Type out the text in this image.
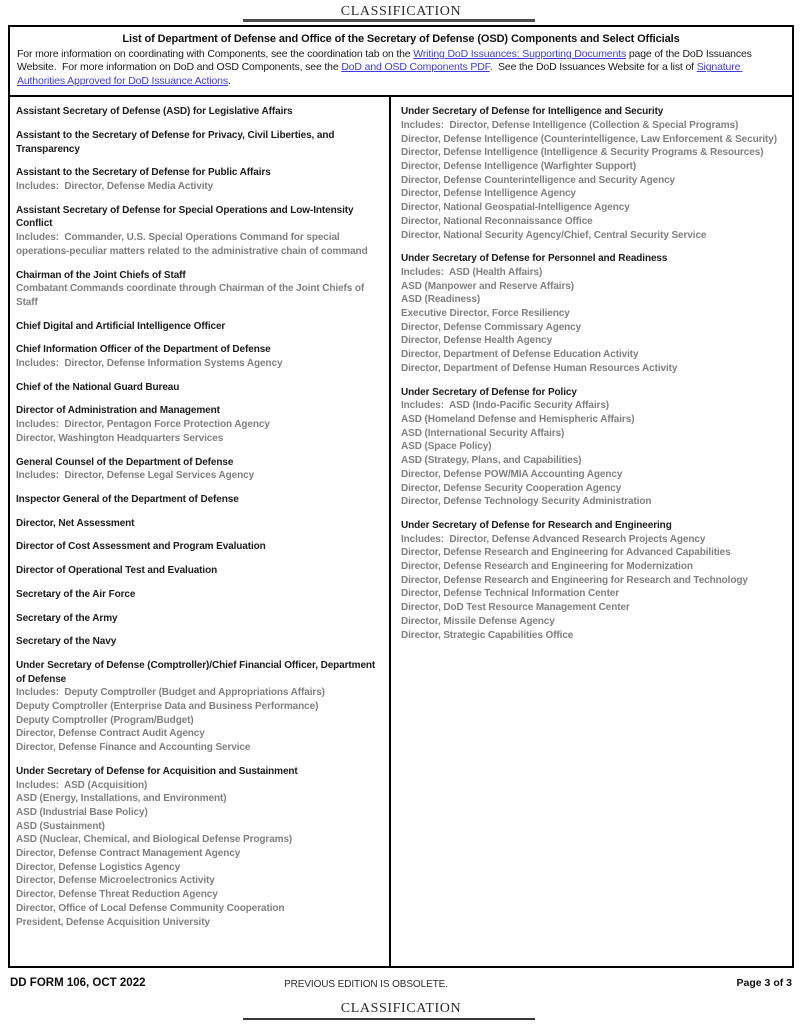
CLASSIFICATION
List of Department of Defense and Office of the Secretary of Defense (OSD) Components and Select Officials
For more information on coordinating with Components, see the coordination tab on the Writing DoD Issuances: Supporting Documents page of the DoD Issuances Website.  For more information on DoD and OSD Components, see the DoD and OSD Components PDF.  See the DoD Issuances Website for a list of Signature Authorities Approved for DoD Issuance Actions.
Assistant Secretary of Defense (ASD) for Legislative Affairs
Assistant to the Secretary of Defense for Privacy, Civil Liberties, and Transparency
Assistant to the Secretary of Defense for Public Affairs
Includes:  Director, Defense Media Activity
Assistant Secretary of Defense for Special Operations and Low-Intensity Conflict
Includes:  Commander, U.S. Special Operations Command for special operations-peculiar matters related to the administrative chain of command
Chairman of the Joint Chiefs of Staff
Combatant Commands coordinate through Chairman of the Joint Chiefs of Staff
Chief Digital and Artificial Intelligence Officer
Chief Information Officer of the Department of Defense
Includes:  Director, Defense Information Systems Agency
Chief of the National Guard Bureau
Director of Administration and Management
Includes:  Director, Pentagon Force Protection Agency
Director, Washington Headquarters Services
General Counsel of the Department of Defense
Includes:  Director, Defense Legal Services Agency
Inspector General of the Department of Defense
Director, Net Assessment
Director of Cost Assessment and Program Evaluation
Director of Operational Test and Evaluation
Secretary of the Air Force
Secretary of the Army
Secretary of the Navy
Under Secretary of Defense (Comptroller)/Chief Financial Officer, Department of Defense
Includes:  Deputy Comptroller (Budget and Appropriations Affairs)
Deputy Comptroller (Enterprise Data and Business Performance)
Deputy Comptroller (Program/Budget)
Director, Defense Contract Audit Agency
Director, Defense Finance and Accounting Service
Under Secretary of Defense for Acquisition and Sustainment
Includes:  ASD (Acquisition)
ASD (Energy, Installations, and Environment)
ASD (Industrial Base Policy)
ASD (Sustainment)
ASD (Nuclear, Chemical, and Biological Defense Programs)
Director, Defense Contract Management Agency
Director, Defense Logistics Agency
Director, Defense Microelectronics Activity
Director, Defense Threat Reduction Agency
Director, Office of Local Defense Community Cooperation
President, Defense Acquisition University
Under Secretary of Defense for Intelligence and Security
Includes:  Director, Defense Intelligence (Collection & Special Programs)
Director, Defense Intelligence (Counterintelligence, Law Enforcement & Security)
Director, Defense Intelligence (Intelligence & Security Programs & Resources)
Director, Defense Intelligence (Warfighter Support)
Director, Defense Counterintelligence and Security Agency
Director, Defense Intelligence Agency
Director, National Geospatial-Intelligence Agency
Director, National Reconnaissance Office
Director, National Security Agency/Chief, Central Security Service
Under Secretary of Defense for Personnel and Readiness
Includes:  ASD (Health Affairs)
ASD (Manpower and Reserve Affairs)
ASD (Readiness)
Executive Director, Force Resiliency
Director, Defense Commissary Agency
Director, Defense Health Agency
Director, Department of Defense Education Activity
Director, Department of Defense Human Resources Activity
Under Secretary of Defense for Policy
Includes:  ASD (Indo-Pacific Security Affairs)
ASD (Homeland Defense and Hemispheric Affairs)
ASD (International Security Affairs)
ASD (Space Policy)
ASD (Strategy, Plans, and Capabilities)
Director, Defense POW/MIA Accounting Agency
Director, Defense Security Cooperation Agency
Director, Defense Technology Security Administration
Under Secretary of Defense for Research and Engineering
Includes:  Director, Defense Advanced Research Projects Agency
Director, Defense Research and Engineering for Advanced Capabilities
Director, Defense Research and Engineering for Modernization
Director, Defense Research and Engineering for Research and Technology
Director, Defense Technical Information Center
Director, DoD Test Resource Management Center
Director, Missile Defense Agency
Director, Strategic Capabilities Office
DD FORM 106, OCT 2022	PREVIOUS EDITION IS OBSOLETE.	Page 3 of 3
CLASSIFICATION
